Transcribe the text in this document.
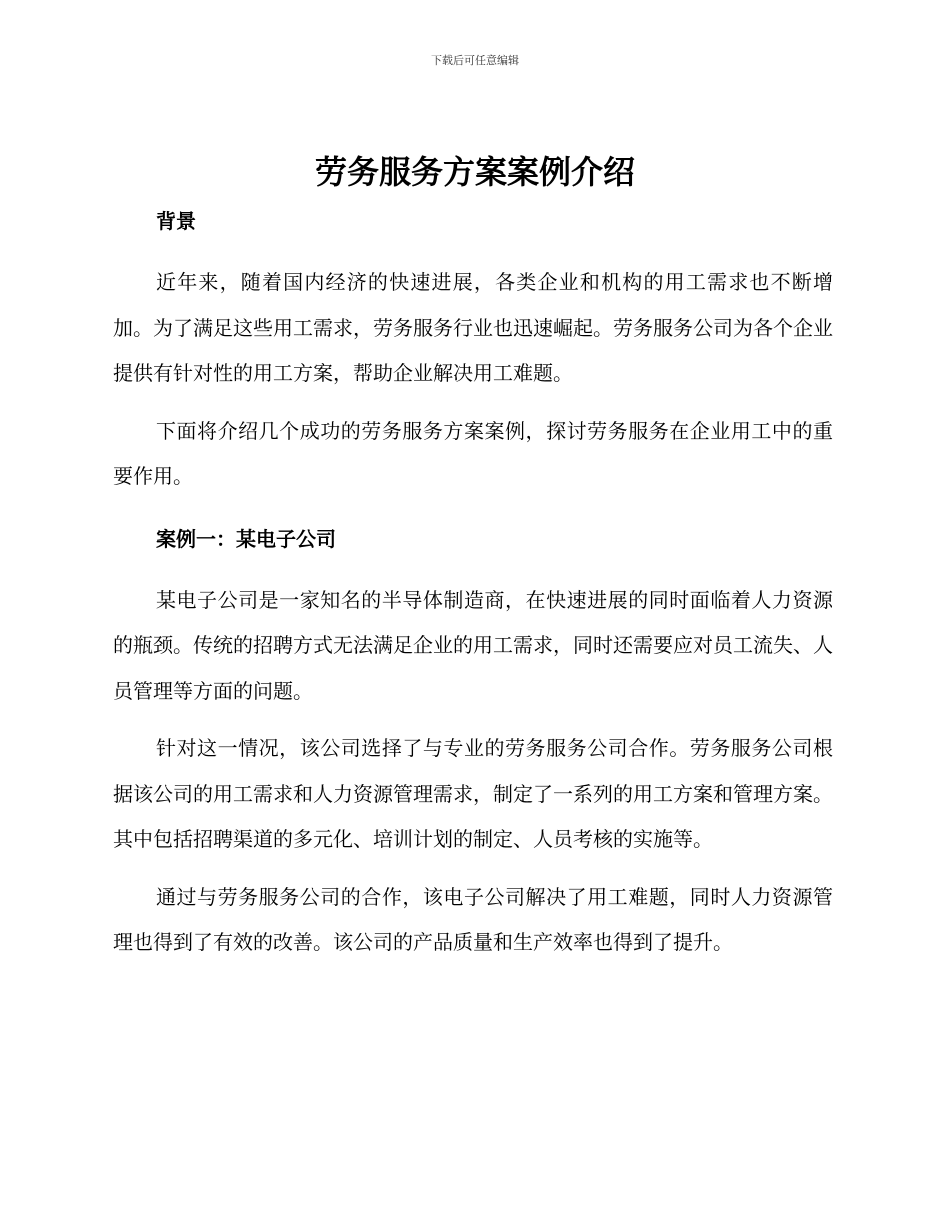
下载后可任意编辑
劳务服务方案案例介绍
背景

近年来，随着国内经济的快速进展，各类企业和机构的用工需求也不断增加。为了满足这些用工需求，劳务服务行业也迅速崛起。劳务服务公司为各个企业提供有针对性的用工方案，帮助企业解决用工难题。

下面将介绍几个成功的劳务服务方案案例，探讨劳务服务在企业用工中的重要作用。

案例一：某电子公司

某电子公司是一家知名的半导体制造商，在快速进展的同时面临着人力资源的瓶颈。传统的招聘方式无法满足企业的用工需求，同时还需要应对员工流失、人员管理等方面的问题。

针对这一情况，该公司选择了与专业的劳务服务公司合作。劳务服务公司根据该公司的用工需求和人力资源管理需求，制定了一系列的用工方案和管理方案。其中包括招聘渠道的多元化、培训计划的制定、人员考核的实施等。

通过与劳务服务公司的合作，该电子公司解决了用工难题，同时人力资源管理也得到了有效的改善。该公司的产品质量和生产效率也得到了提升。
